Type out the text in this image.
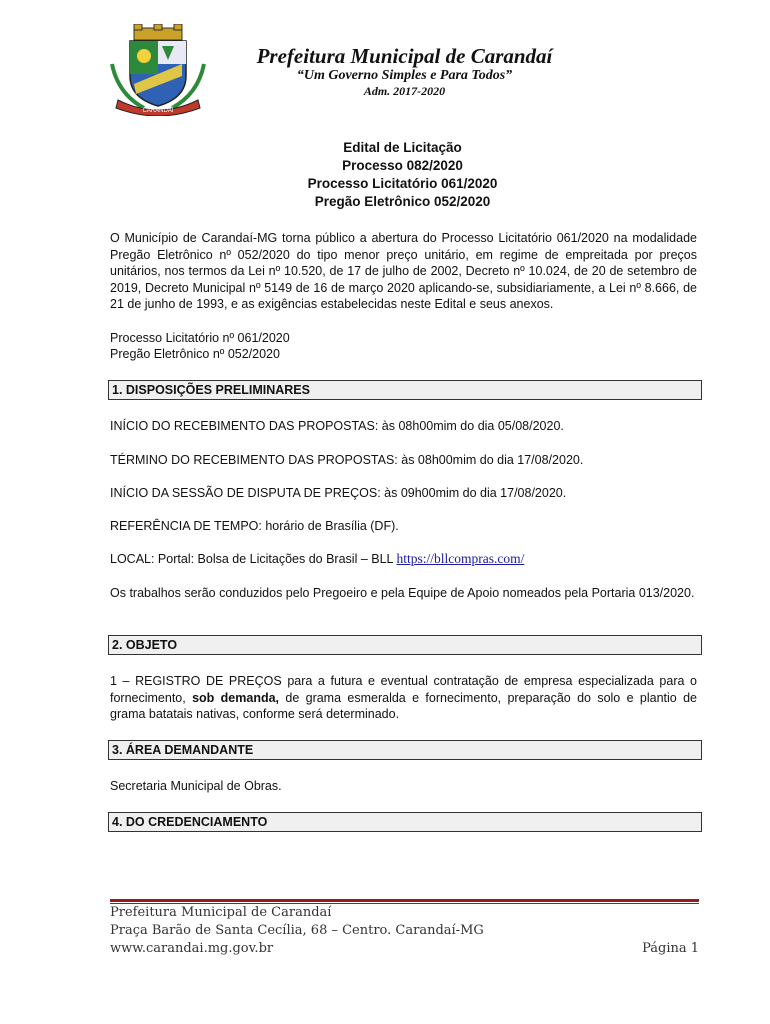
CARANDAÍ
Prefeitura Municipal de Carandaí
“Um Governo Simples e Para Todos”
Adm. 2017-2020
Edital de Licitação
Processo 082/2020
Processo Licitatório 061/2020
Pregão Eletrônico 052/2020

O Município de Carandaí-MG torna público a abertura do Processo Licitatório 061/2020 na modalidade Pregão Eletrônico nº 052/2020 do tipo menor preço unitário, em regime de empreitada por preços unitários, nos termos da Lei nº 10.520, de 17 de julho de 2002, Decreto nº 10.024, de 20 de setembro de 2019, Decreto Municipal nº 5149 de 16 de março 2020 aplicando-se, subsidiariamente, a Lei nº 8.666, de 21 de junho de 1993, e as exigências estabelecidas neste Edital e seus anexos.

Processo Licitatório nº 061/2020

Pregão Eletrônico nº 052/2020

1. DISPOSIÇÕES PRELIMINARES

INÍCIO DO RECEBIMENTO DAS PROPOSTAS: às 08h00mim do dia 05/08/2020.

TÉRMINO DO RECEBIMENTO DAS PROPOSTAS: às 08h00mim do dia 17/08/2020.

INÍCIO DA SESSÃO DE DISPUTA DE PREÇOS: às 09h00mim do dia 17/08/2020.

REFERÊNCIA DE TEMPO: horário de Brasília (DF).

LOCAL: Portal: Bolsa de Licitações do Brasil – BLL https://bllcompras.com/

Os trabalhos serão conduzidos pelo Pregoeiro e pela Equipe de Apoio nomeados pela Portaria 013/2020.

2. OBJETO

1 – REGISTRO DE PREÇOS para a futura e eventual contratação de empresa especializada para o fornecimento, sob demanda, de grama esmeralda e fornecimento, preparação do solo e plantio de grama batatais nativas, conforme será determinado.

3. ÁREA DEMANDANTE

Secretaria Municipal de Obras.

4. DO CREDENCIAMENTO
Prefeitura Municipal de Carandaí
Praça Barão de Santa Cecília, 68 – Centro. Carandaí-MG
www.carandai.mg.gov.br	Página 1
